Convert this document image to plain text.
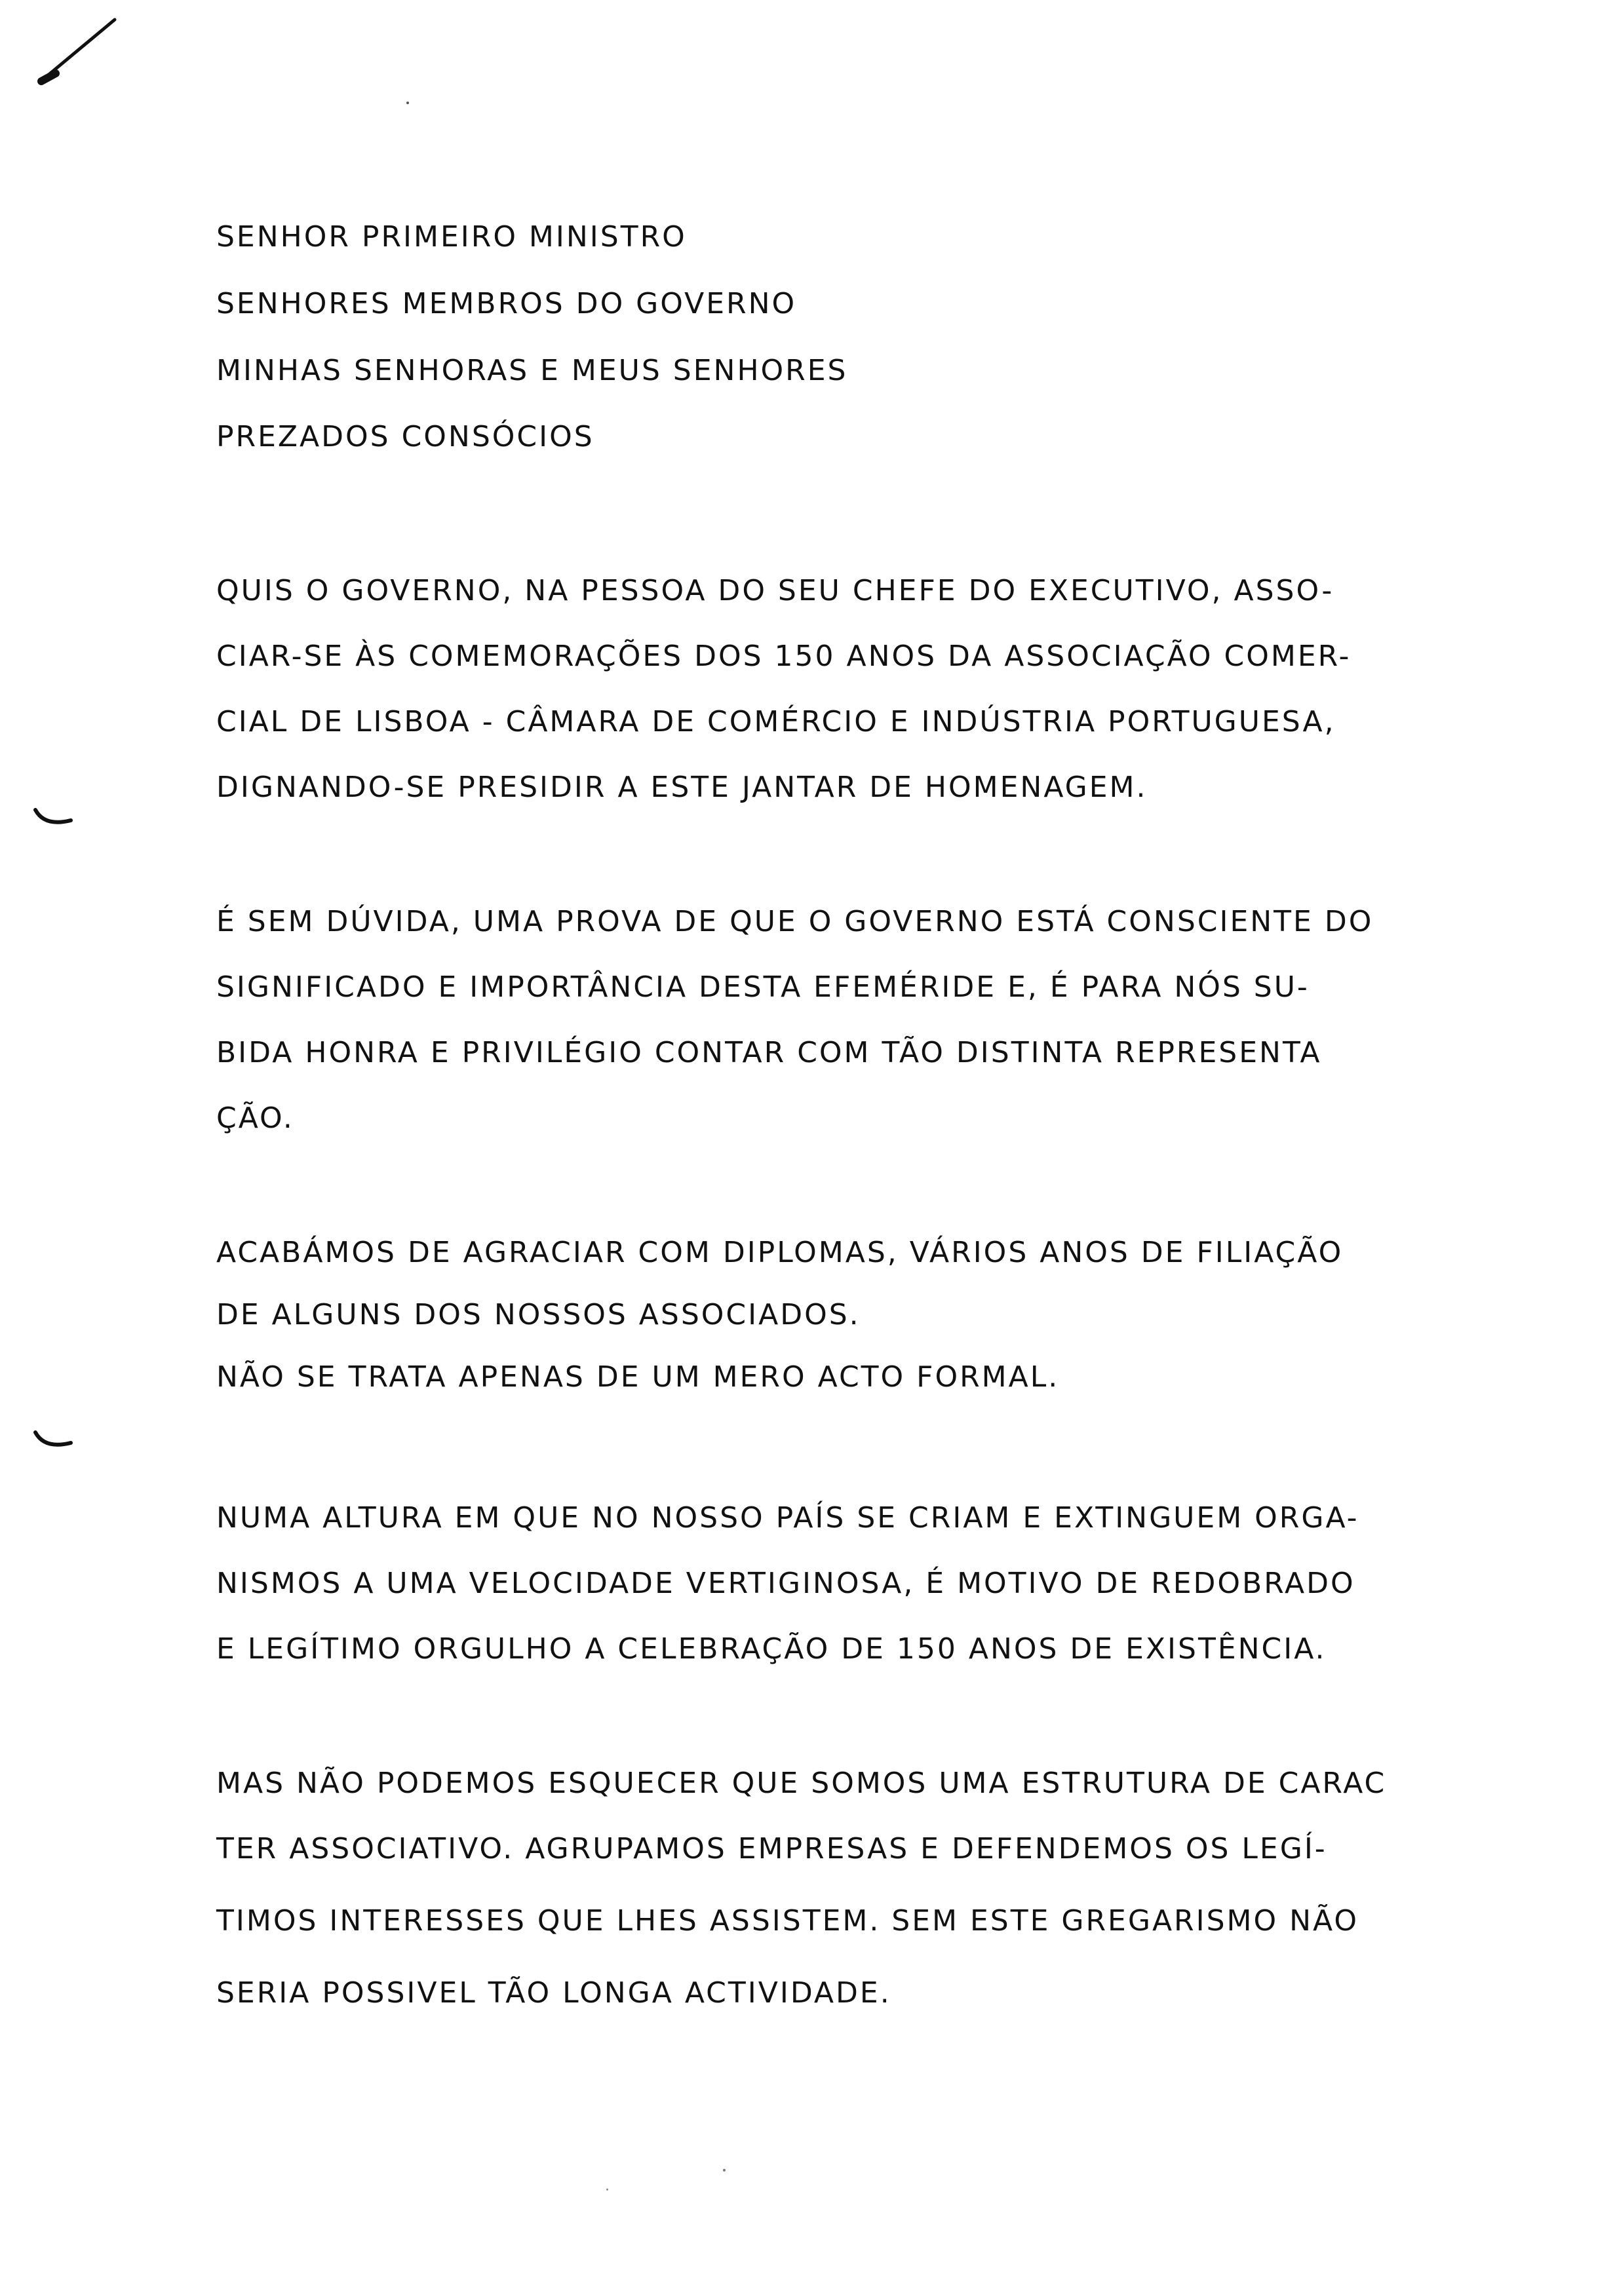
SENHOR PRIMEIRO MINISTRO
SENHORES MEMBROS DO GOVERNO
MINHAS SENHORAS E MEUS SENHORES
PREZADOS CONSÓCIOS
QUIS O GOVERNO, NA PESSOA DO SEU CHEFE DO EXECUTIVO, ASSO-
CIAR-SE ÀS COMEMORAÇÕES DOS 150 ANOS DA ASSOCIAÇÃO COMER-
CIAL DE LISBOA - CÂMARA DE COMÉRCIO E INDÚSTRIA PORTUGUESA,
DIGNANDO-SE PRESIDIR A ESTE JANTAR DE HOMENAGEM.
É SEM DÚVIDA, UMA PROVA DE QUE O GOVERNO ESTÁ CONSCIENTE DO
SIGNIFICADO E IMPORTÂNCIA DESTA EFEMÉRIDE E, É PARA NÓS SU-
BIDA HONRA E PRIVILÉGIO CONTAR COM TÃO DISTINTA REPRESENTA
ÇÃO.
ACABÁMOS DE AGRACIAR COM DIPLOMAS, VÁRIOS ANOS DE FILIAÇÃO
DE ALGUNS DOS NOSSOS ASSOCIADOS.
NÃO SE TRATA APENAS DE UM MERO ACTO FORMAL.
NUMA ALTURA EM QUE NO NOSSO PAÍS SE CRIAM E EXTINGUEM ORGA-
NISMOS A UMA VELOCIDADE VERTIGINOSA, É MOTIVO DE REDOBRADO
E LEGÍTIMO ORGULHO A CELEBRAÇÃO DE 150 ANOS DE EXISTÊNCIA.
MAS NÃO PODEMOS ESQUECER QUE SOMOS UMA ESTRUTURA DE CARAC
TER ASSOCIATIVO. AGRUPAMOS EMPRESAS E DEFENDEMOS OS LEGÍ-
TIMOS INTERESSES QUE LHES ASSISTEM. SEM ESTE GREGARISMO NÃO
SERIA POSSIVEL TÃO LONGA ACTIVIDADE.
